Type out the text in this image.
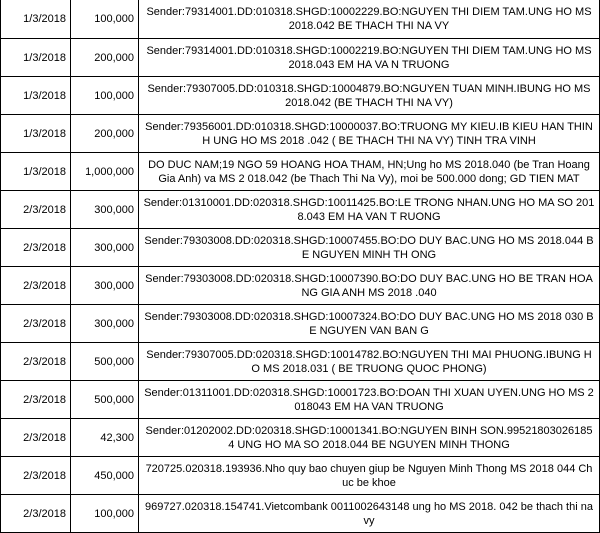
1/3/2018	100,000	Sender:79314001.DD:010318.SHGD:10002229.BO:NGUYEN THI DIEM TAM.UNG HO MS 2018.042 BE THACH THI NA VY
1/3/2018	200,000	Sender:79314001.DD:010318.SHGD:10002219.BO:NGUYEN THI DIEM TAM.UNG HO MS 2018.043 EM HA VA N TRUONG
1/3/2018	100,000	Sender:79307005.DD:010318.SHGD:10004879.BO:NGUYEN TUAN MINH.IBUNG HO MS 2018.042 (BE THACH THI NA VY)
1/3/2018	200,000	Sender:79356001.DD:010318.SHGD:10000037.BO:TRUONG MY KIEU.IB KIEU HAN THINH UNG HO MS 2018 .042 ( BE THACH THI NA VY) TINH TRA VINH
1/3/2018	1,000,000	DO DUC NAM;19 NGO 59 HOANG HOA THAM, HN;Ung ho MS 2018.040 (be Tran Hoang Gia Anh) va MS 2 018.042 (be Thach Thi Na Vy), moi be 500.000 dong; GD TIEN MAT
2/3/2018	300,000	Sender:01310001.DD:020318.SHGD:10011425.BO:LE TRONG NHAN.UNG HO MA SO 2018.043 EM HA VAN T RUONG
2/3/2018	300,000	Sender:79303008.DD:020318.SHGD:10007455.BO:DO DUY BAC.UNG HO MS 2018.044 BE NGUYEN MINH TH ONG
2/3/2018	300,000	Sender:79303008.DD:020318.SHGD:10007390.BO:DO DUY BAC.UNG HO BE TRAN HOANG GIA ANH MS 2018 .040
2/3/2018	300,000	Sender:79303008.DD:020318.SHGD:10007324.BO:DO DUY BAC.UNG HO MS 2018 030 BE NGUYEN VAN BAN G
2/3/2018	500,000	Sender:79307005.DD:020318.SHGD:10014782.BO:NGUYEN THI MAI PHUONG.IBUNG HO MS 2018.031 ( BE TRUONG QUOC PHONG)
2/3/2018	500,000	Sender:01311001.DD:020318.SHGD:10001723.BO:DOAN THI XUAN UYEN.UNG HO MS 2018043 EM HA VAN TRUONG
2/3/2018	42,300	Sender:01202002.DD:020318.SHGD:10001341.BO:NGUYEN BINH SON.995218030261854 UNG HO MA SO 2018.044 BE NGUYEN MINH THONG
2/3/2018	450,000	720725.020318.193936.Nho quy bao chuyen giup be Nguyen Minh Thong MS 2018 044 Chuc be khoe
2/3/2018	100,000	969727.020318.154741.Vietcombank 0011002643148 ung ho MS 2018. 042 be thach thi na vy
